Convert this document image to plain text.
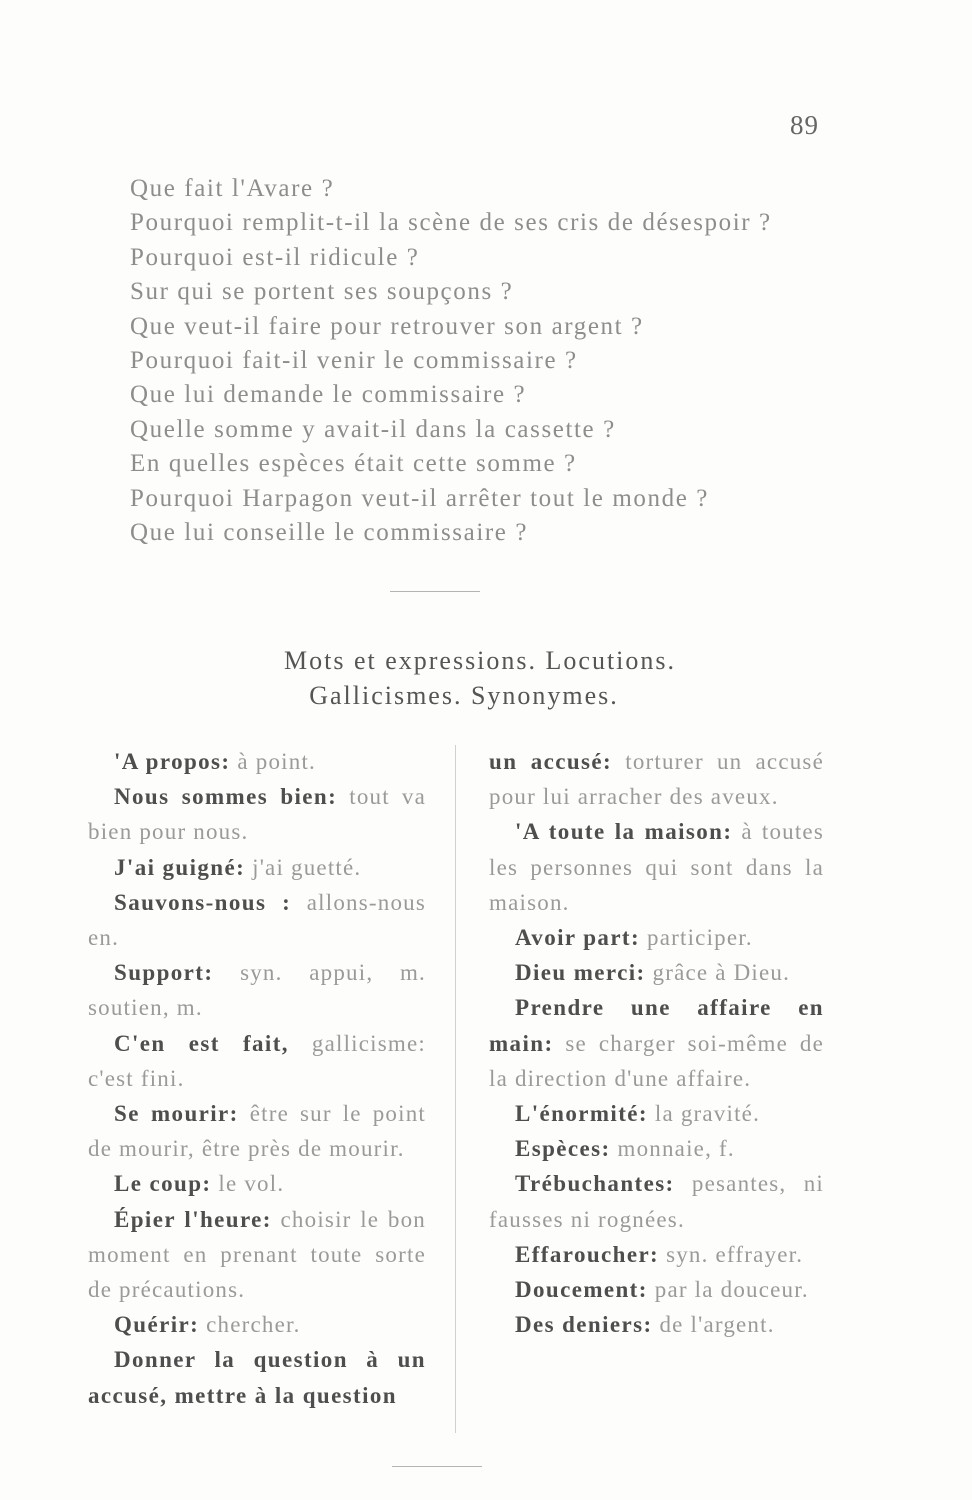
89
Que fait l'Avare ?
Pourquoi remplit-t-il la scène de ses cris de désespoir ?
Pourquoi est-il ridicule ?
Sur qui se portent ses soupçons ?
Que veut-il faire pour retrouver son argent ?
Pourquoi fait-il venir le commissaire ?
Que lui demande le commissaire ?
Quelle somme y avait-il dans la cassette ?
En quelles espèces était cette somme ?
Pourquoi Harpagon veut-il arrêter tout le monde ?
Que lui conseille le commissaire ?
Mots et expressions. Locutions.
Gallicismes. Synonymes.

'A propos: à point.

Nous sommes bien: tout va bien pour nous.

J'ai guigné: j'ai guetté.

Sauvons-nous : allons-nous en.

Support: syn. appui, m. soutien, m.

C'en est fait, gallicisme: c'est fini.

Se mourir: être sur le point de mourir, être près de mourir.

Le coup: le vol.

Épier l'heure: choisir le bon moment en prenant toute sorte de précautions.

Quérir: chercher.

Donner la question à un accusé, mettre à la question

un accusé: torturer un accusé pour lui arracher des aveux.

'A toute la maison: à toutes les personnes qui sont dans la maison.

Avoir part: participer.

Dieu merci: grâce à Dieu.

Prendre une affaire en main: se charger soi-même de la direction d'une affaire.

L'énormité: la gravité.

Espèces: monnaie, f.

Trébuchantes: pesantes, ni fausses ni rognées.

Effaroucher: syn. effrayer.

Doucement: par la douceur.

Des deniers: de l'argent.
